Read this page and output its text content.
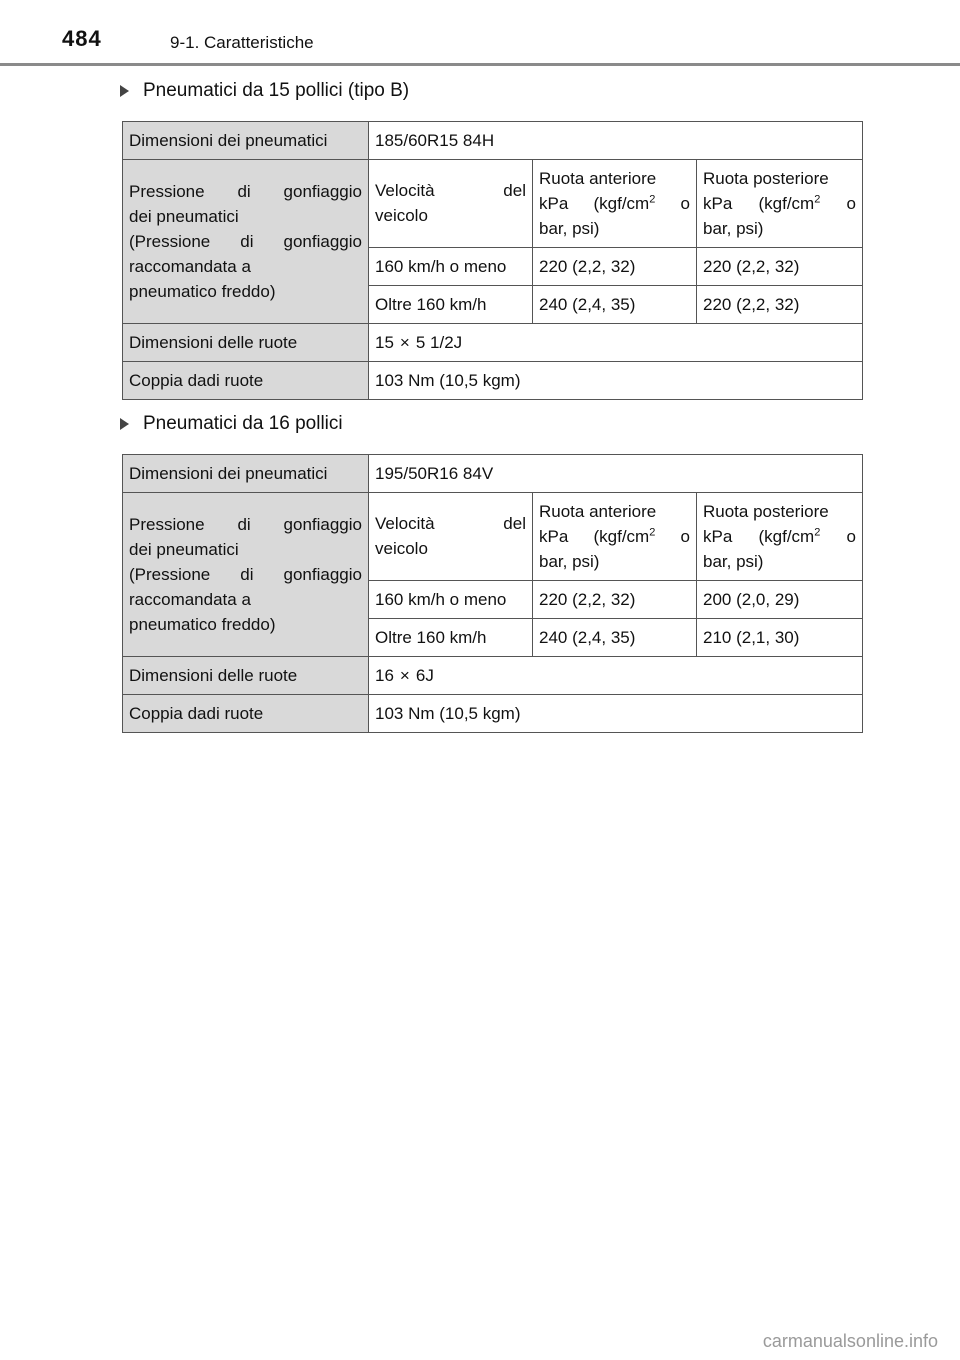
484	9-1. Caratteristiche
Pneumatici da 15 pollici (tipo B)
Dimensioni dei pneumatici	185/60R15 84H		

Pressione di gonfiaggio
dei pneumatici
(Pressione di gonfiaggio
raccomandata a
pneumatico freddo)	Velocità del
veicolo	Ruota anteriore
kPa ($kgf/cm^2$ o
bar, psi)	Ruota posteriore
kPa ($kgf/cm^2$ o
bar, psi)

	160 km/h o meno	220 (2,2, 32)	220 (2,2, 32)
	Oltre 160 km/h	240 (2,4, 35)	220 (2,2, 32)
Dimensioni delle ruote	15 × 5 1/2J		
Coppia dadi ruote	103 Nm (10,5 kgm)		
Pneumatici da 16 pollici
Dimensioni dei pneumatici	195/50R16 84V		

Pressione di gonfiaggio
dei pneumatici
(Pressione di gonfiaggio
raccomandata a
pneumatico freddo)	Velocità del
veicolo	Ruota anteriore
kPa ($kgf/cm^2$ o
bar, psi)	Ruota posteriore
kPa ($kgf/cm^2$ o
bar, psi)

	160 km/h o meno	220 (2,2, 32)	200 (2,0, 29)
	Oltre 160 km/h	240 (2,4, 35)	210 (2,1, 30)
Dimensioni delle ruote	16 × 6J		
Coppia dadi ruote	103 Nm (10,5 kgm)		
carmanualsonline.info
